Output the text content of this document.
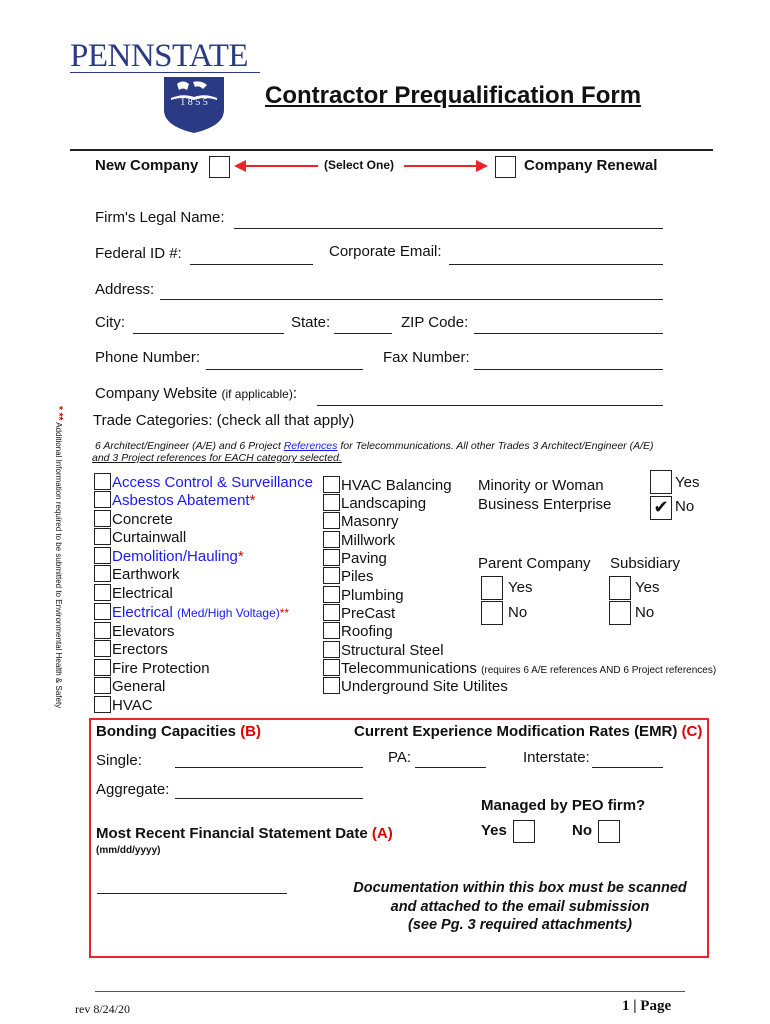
PENNSTATE
1 8 5 5	Contractor Prequalification Form
New Company	(Select One)	Company Renewal
Firm's Legal Name:
Federal ID #:	Corporate Email:
Address:
City:	State:	ZIP Code:
Phone Number:	Fax Number:
Company Website (if applicable):
Trade Categories: (check all that apply)
6 Architect/Engineer (A/E) and 6 Project References for Telecommunications. All other Trades 3 Architect/Engineer (A/E)
and 3 Project references for EACH category selected.
* ** Additional Information required to be submitted to Environmental Health & Safety	Access Control & Surveillance
Asbestos Abatement*
Concrete
Curtainwall
Demolition/Hauling*
Earthwork
Electrical
Electrical (Med/High Voltage)**
Elevators
Erectors
Fire Protection
General
HVAC
HVAC Balancing
Landscaping
Masonry
Millwork
Paving
Piles
Plumbing
PreCast
Roofing
Structural Steel
Telecommunications (requires 6 A/E references AND 6 Project references)
Underground Site Utilites
Minority or Woman
Business Enterprise
Yes
✔ No
Parent Company
Yes
No
Subsidiary
Yes
No
Bonding Capacities (B)	Current Experience Modification Rates (EMR) (C)
Single:	PA:	Interstate:
Aggregate:
Managed by PEO firm?
Yes	No
Most Recent Financial Statement Date (A)
(mm/dd/yyyy)
Documentation within this box must be scanned
and attached to the email submission
(see Pg. 3 required attachments)
rev 8/24/20	1 | Page
